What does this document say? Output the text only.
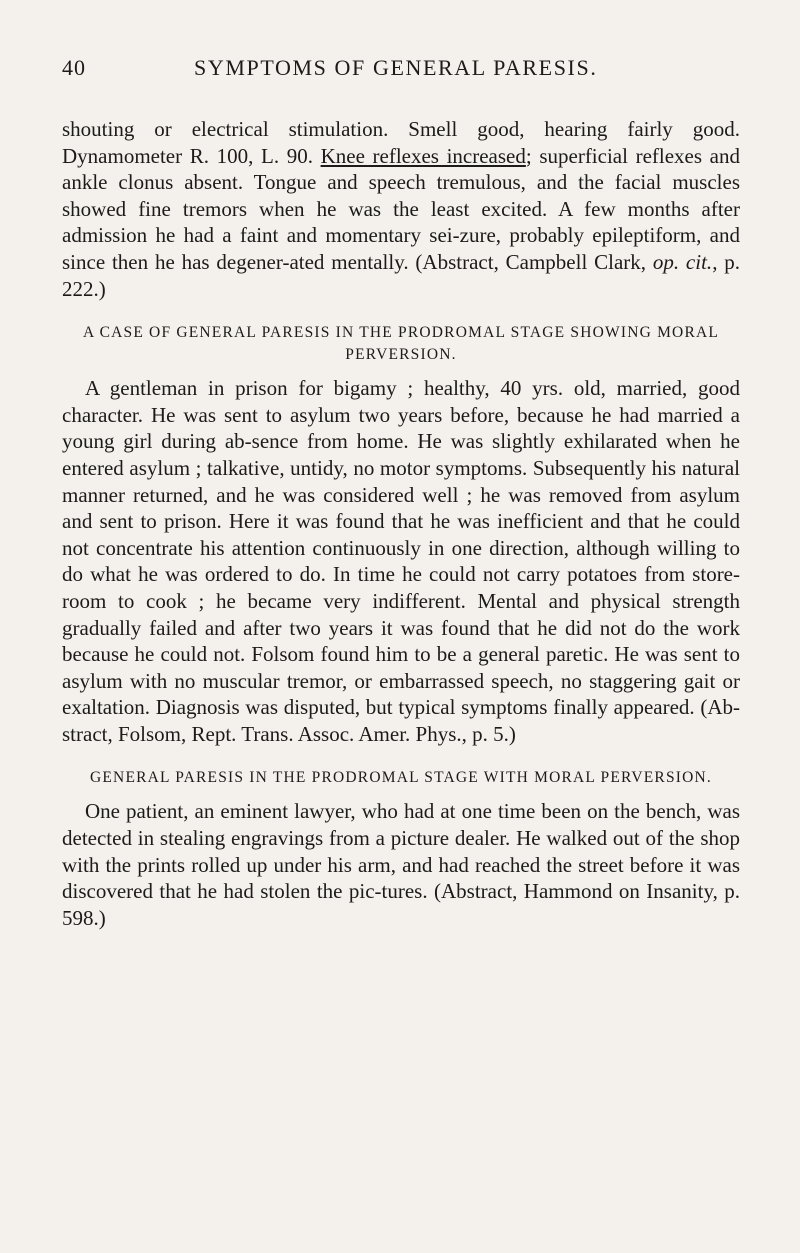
40	SYMPTOMS OF GENERAL PARESIS.

shouting or electrical stimulation. Smell good, hearing fairly good. Dynamometer R. 100, L. 90. Knee reflexes increased; superficial reflexes and ankle clonus absent. Tongue and speech tremulous, and the facial muscles showed fine tremors when he was the least excited. A few months after admission he had a faint and momentary sei-zure, probably epileptiform, and since then he has degener-ated mentally. (Abstract, Campbell Clark, op. cit., p. 222.)

A CASE OF GENERAL PARESIS IN THE PRODROMAL STAGE SHOWING MORAL PERVERSION.

A gentleman in prison for bigamy ; healthy, 40 yrs. old, married, good character. He was sent to asylum two years before, because he had married a young girl during ab-sence from home. He was slightly exhilarated when he entered asylum ; talkative, untidy, no motor symptoms. Subsequently his natural manner returned, and he was considered well ; he was removed from asylum and sent to prison. Here it was found that he was inefficient and that he could not concentrate his attention continuously in one direction, although willing to do what he was ordered to do. In time he could not carry potatoes from store-room to cook ; he became very indifferent. Mental and physical strength gradually failed and after two years it was found that he did not do the work because he could not. Folsom found him to be a general paretic. He was sent to asylum with no muscular tremor, or embarrassed speech, no staggering gait or exaltation. Diagnosis was disputed, but typical symptoms finally appeared. (Ab-stract, Folsom, Rept. Trans. Assoc. Amer. Phys., p. 5.)

GENERAL PARESIS IN THE PRODROMAL STAGE WITH MORAL PERVERSION.

One patient, an eminent lawyer, who had at one time been on the bench, was detected in stealing engravings from a picture dealer. He walked out of the shop with the prints rolled up under his arm, and had reached the street before it was discovered that he had stolen the pic-tures. (Abstract, Hammond on Insanity, p. 598.)
